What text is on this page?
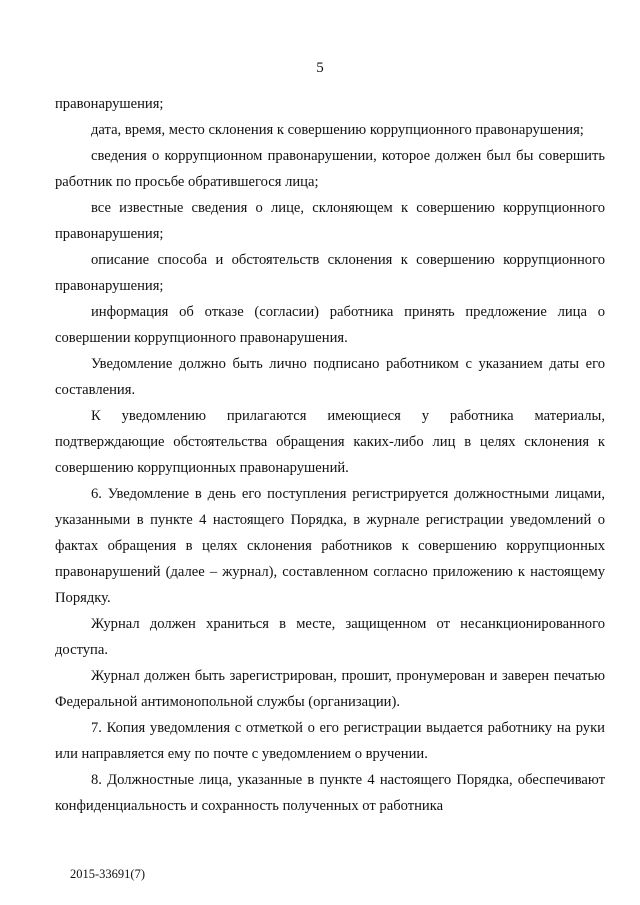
5

правонарушения;

дата, время, место склонения к совершению коррупционного правонарушения;

сведения о коррупционном правонарушении, которое должен был бы совершить работник по просьбе обратившегося лица;

все известные сведения о лице, склоняющем к совершению коррупционного правонарушения;

описание способа и обстоятельств склонения к совершению коррупционного правонарушения;

информация об отказе (согласии) работника принять предложение лица о совершении коррупционного правонарушения.

Уведомление должно быть лично подписано работником с указанием даты его составления.

К уведомлению прилагаются имеющиеся у работника материалы, подтверждающие обстоятельства обращения каких-либо лиц в целях склонения к совершению коррупционных правонарушений.

6. Уведомление в день его поступления регистрируется должностными лицами, указанными в пункте 4 настоящего Порядка, в журнале регистрации уведомлений о фактах обращения в целях склонения работников к совершению коррупционных правонарушений (далее – журнал), составленном согласно приложению к настоящему Порядку.

Журнал должен храниться в месте, защищенном от несанкционированного доступа.

Журнал должен быть зарегистрирован, прошит, пронумерован и заверен печатью Федеральной антимонопольной службы (организации).

7. Копия уведомления с отметкой о его регистрации выдается работнику на руки или направляется ему по почте с уведомлением о вручении.

8. Должностные лица, указанные в пункте 4 настоящего Порядка, обеспечивают конфиденциальность и сохранность полученных от работника

2015-33691(7)
